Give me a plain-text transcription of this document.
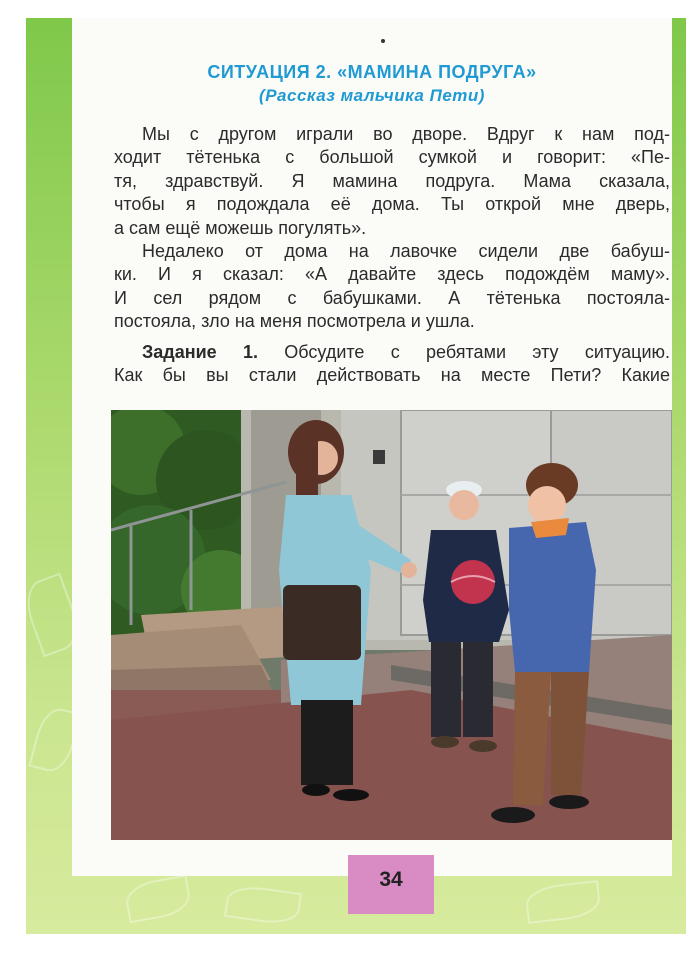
СИТУАЦИЯ 2. «МАМИНА ПОДРУГА»
(Рассказ мальчика Пети)

Мы с другом играли во дворе. Вдруг к нам под-
ходит тётенька с большой сумкой и говорит: «Пе-
тя, здравствуй. Я мамина подруга. Мама сказала,
чтобы я подождала её дома. Ты открой мне дверь,
а сам ещё можешь погулять».

Недалеко от дома на лавочке сидели две бабуш-
ки. И я сказал: «А давайте здесь подождём маму».
И сел рядом с бабушками. А тётенька постояла-
постояла, зло на меня посмотрела и ушла.

Задание 1. Обсудите с ребятами эту ситуацию.
Как бы вы стали действовать на месте Пети? Какие

34
